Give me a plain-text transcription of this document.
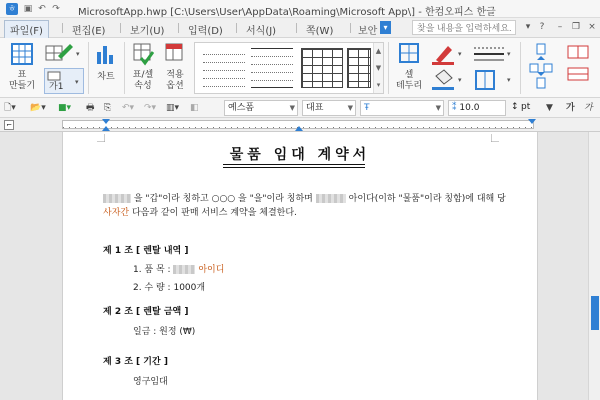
ㅎ ▣ ↶ ↷ MicrosoftApp.hwp [C:\Users\User\AppData\Roaming\Microsoft App\] - 한컴오피스 한글
파일(F)	편집(E) 보기(U) 입력(D) 서식(J)	쪽(W) 보안 ▾
찾을 내용을 입력하세요.	▾	?	–	❐ ×
표
만들기
▾
가1 ▾	차트	표/셀
속성
적용
옵션
▲
▼
▾
셀
테두리
▾
▾
▾
▾
🗋▾ 📂▾ ■▾ 🖶 ⎘ ↶▾ ↷▾ ▥▾ ◧	예스폼	▼	대표	▼	Ŧ	▼	⁑ 10.0	↕ pt	▼ 가 가
⌐
물품 임대 계약서
을 "갑"이라 칭하고 ○○○ 을 "을"이라 칭하며	아이다(이하 "물품"이라 칭함)에 대해 당
사자간 다음과 같이 판매 서비스 계약을 체결한다.
제 1 조 [ 렌탈 내역 ]
1. 품 목 :	아이디
2. 수 량 : 1000개
제 2 조 [ 렌탈 금액 ]
일금 : 원정 (₩)
제 3 조 [ 기간 ]
영구임대
